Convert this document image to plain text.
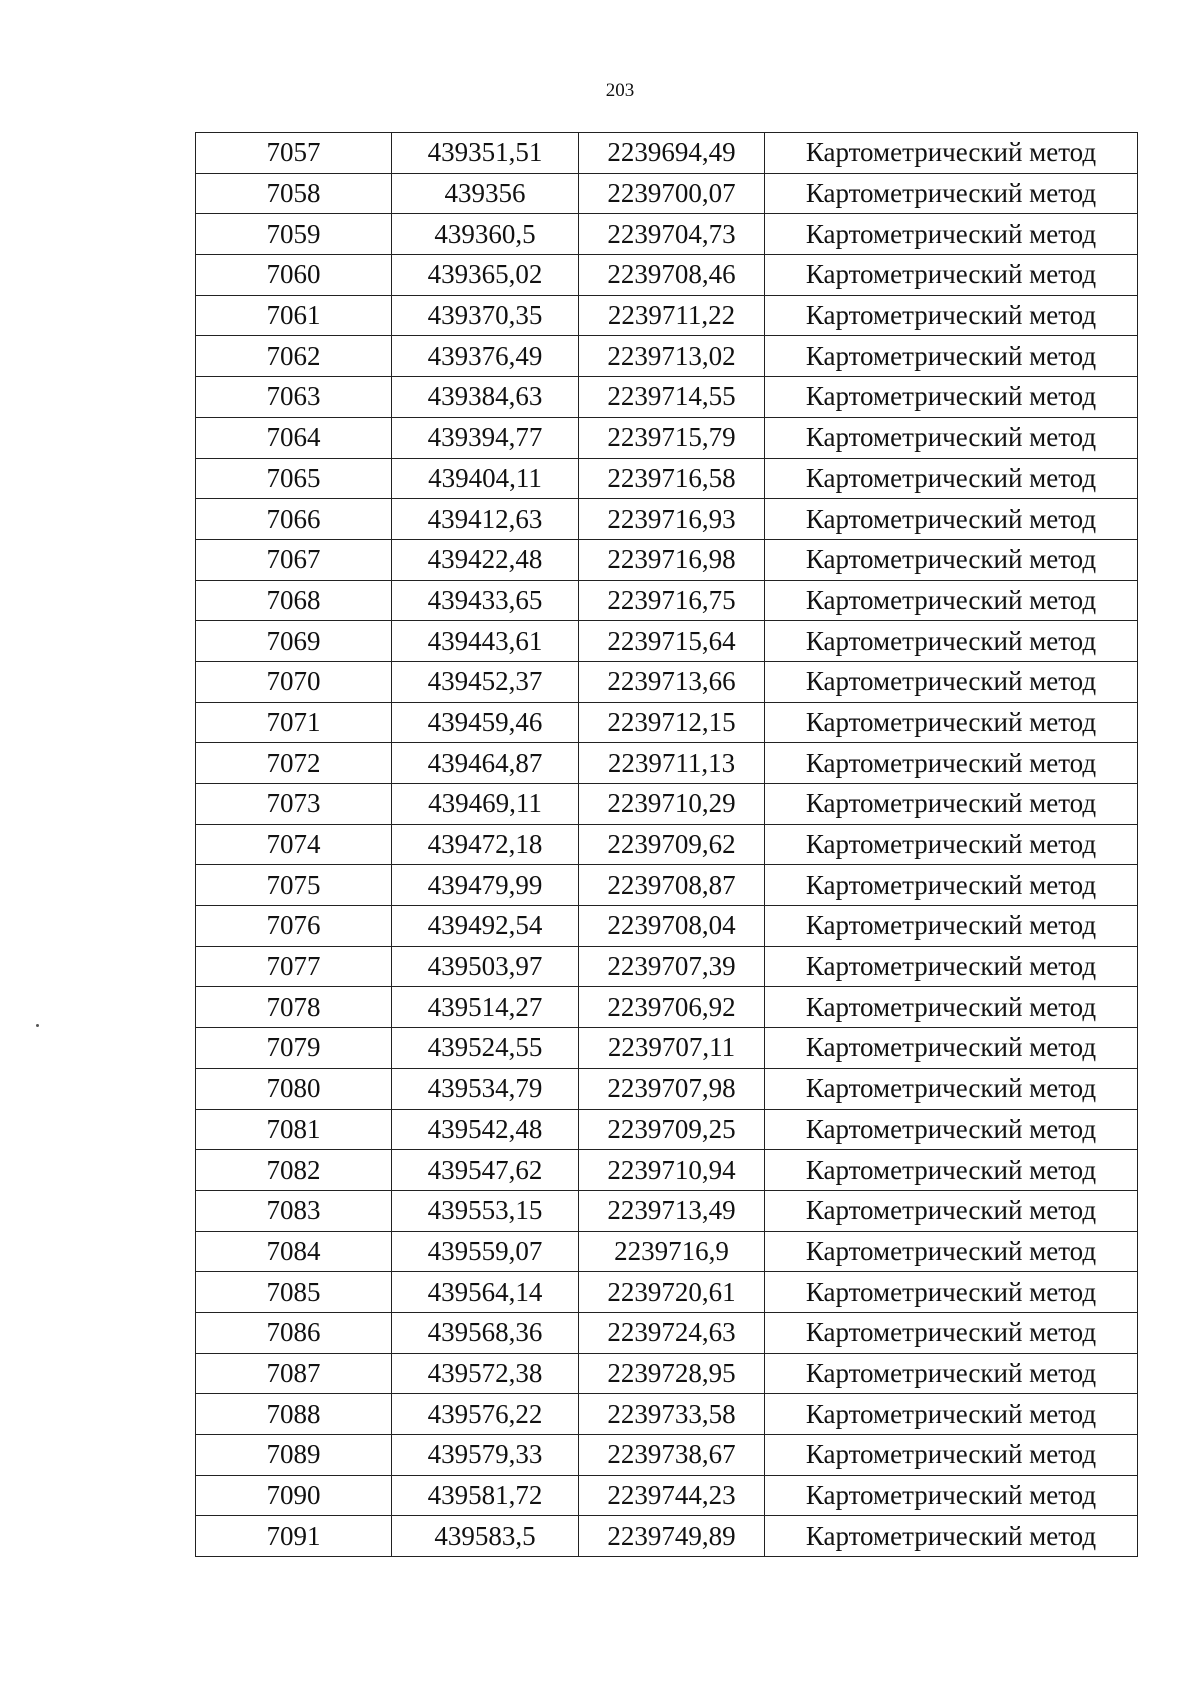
203
7057	439351,51	2239694,49	Картометрический метод
7058	439356	2239700,07	Картометрический метод
7059	439360,5	2239704,73	Картометрический метод
7060	439365,02	2239708,46	Картометрический метод
7061	439370,35	2239711,22	Картометрический метод
7062	439376,49	2239713,02	Картометрический метод
7063	439384,63	2239714,55	Картометрический метод
7064	439394,77	2239715,79	Картометрический метод
7065	439404,11	2239716,58	Картометрический метод
7066	439412,63	2239716,93	Картометрический метод
7067	439422,48	2239716,98	Картометрический метод
7068	439433,65	2239716,75	Картометрический метод
7069	439443,61	2239715,64	Картометрический метод
7070	439452,37	2239713,66	Картометрический метод
7071	439459,46	2239712,15	Картометрический метод
7072	439464,87	2239711,13	Картометрический метод
7073	439469,11	2239710,29	Картометрический метод
7074	439472,18	2239709,62	Картометрический метод
7075	439479,99	2239708,87	Картометрический метод
7076	439492,54	2239708,04	Картометрический метод
7077	439503,97	2239707,39	Картометрический метод
7078	439514,27	2239706,92	Картометрический метод
7079	439524,55	2239707,11	Картометрический метод
7080	439534,79	2239707,98	Картометрический метод
7081	439542,48	2239709,25	Картометрический метод
7082	439547,62	2239710,94	Картометрический метод
7083	439553,15	2239713,49	Картометрический метод
7084	439559,07	2239716,9	Картометрический метод
7085	439564,14	2239720,61	Картометрический метод
7086	439568,36	2239724,63	Картометрический метод
7087	439572,38	2239728,95	Картометрический метод
7088	439576,22	2239733,58	Картометрический метод
7089	439579,33	2239738,67	Картометрический метод
7090	439581,72	2239744,23	Картометрический метод
7091	439583,5	2239749,89	Картометрический метод
